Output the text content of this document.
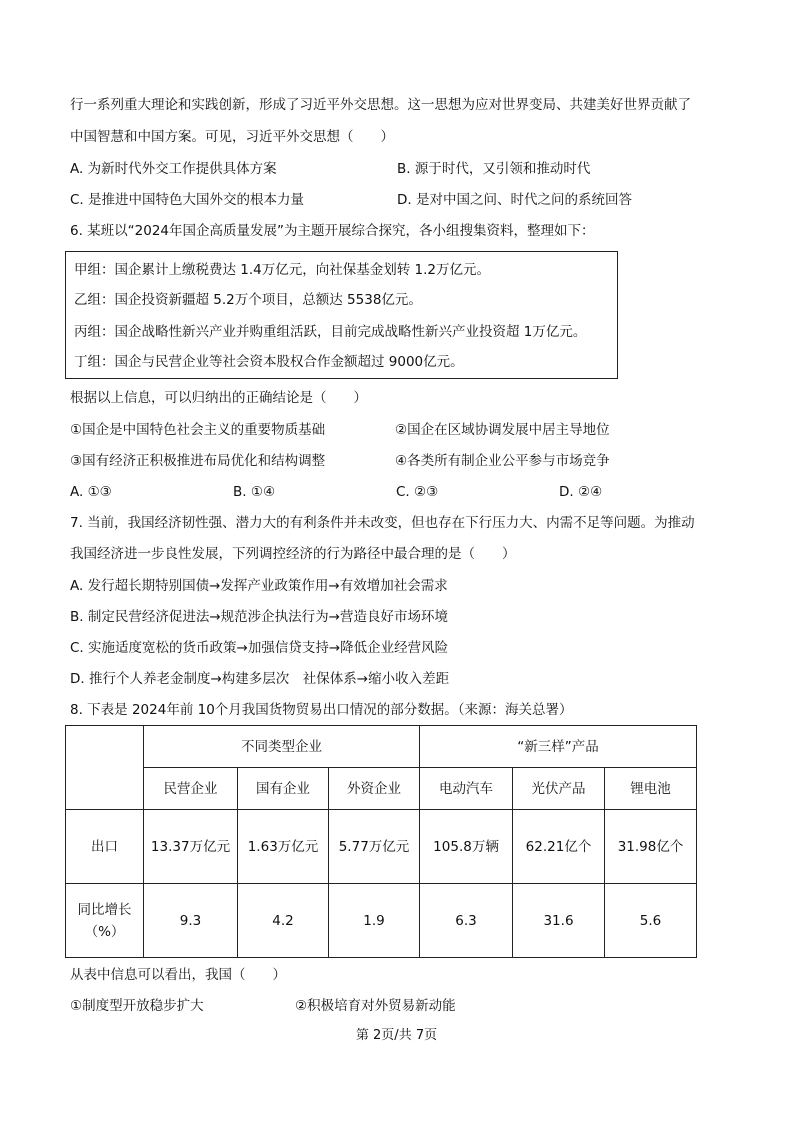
行一系列重大理论和实践创新，形成了习近平外交思想。这一思想为应对世界变局、共建美好世界贡献了
中国智慧和中国方案。可见，习近平外交思想（　　）
A. 为新时代外交工作提供具体方案	B. 源于时代，又引领和推动时代
C. 是推进中国特色大国外交的根本力量	D. 是对中国之问、时代之问的系统回答
6. 某班以“2024年国企高质量发展”为主题开展综合探究，各小组搜集资料，整理如下：
甲组：国企累计上缴税费达 1.4万亿元，向社保基金划转 1.2万亿元。
乙组：国企投资新疆超 5.2万个项目，总额达 5538亿元。
丙组：国企战略性新兴产业并购重组活跃，目前完成战略性新兴产业投资超 1万亿元。
丁组：国企与民营企业等社会资本股权合作金额超过 9000亿元。
根据以上信息，可以归纳出的正确结论是（　　）
①国企是中国特色社会主义的重要物质基础	②国企在区域协调发展中居主导地位
③国有经济正积极推进布局优化和结构调整	④各类所有制企业公平参与市场竞争
A. ①③	B. ①④	C. ②③	D. ②④
7. 当前，我国经济韧性强、潜力大的有利条件并未改变，但也存在下行压力大、内需不足等问题。为推动
我国经济进一步良性发展，下列调控经济的行为路径中最合理的是（　　）
A. 发行超长期特别国债→发挥产业政策作用→有效增加社会需求
B. 制定民营经济促进法→规范涉企执法行为→营造良好市场环境
C. 实施适度宽松的货币政策→加强信贷支持→降低企业经营风险
D. 推行个人养老金制度→构建多层次　社保体系→缩小收入差距
8. 下表是 2024年前 10个月我国货物贸易出口情况的部分数据。（来源：海关总署）
	不同类型企业			“新三样”产品		
	民营企业	国有企业	外资企业	电动汽车	光伏产品	锂电池
出口	13.37万亿元	1.63万亿元	5.77万亿元	105.8万辆	62.21亿个	31.98亿个
同比增长（%）	9.3	4.2	1.9	6.3	31.6	5.6
从表中信息可以看出，我国（　　）
①制度型开放稳步扩大	②积极培育对外贸易新动能
第 2页/共 7页
